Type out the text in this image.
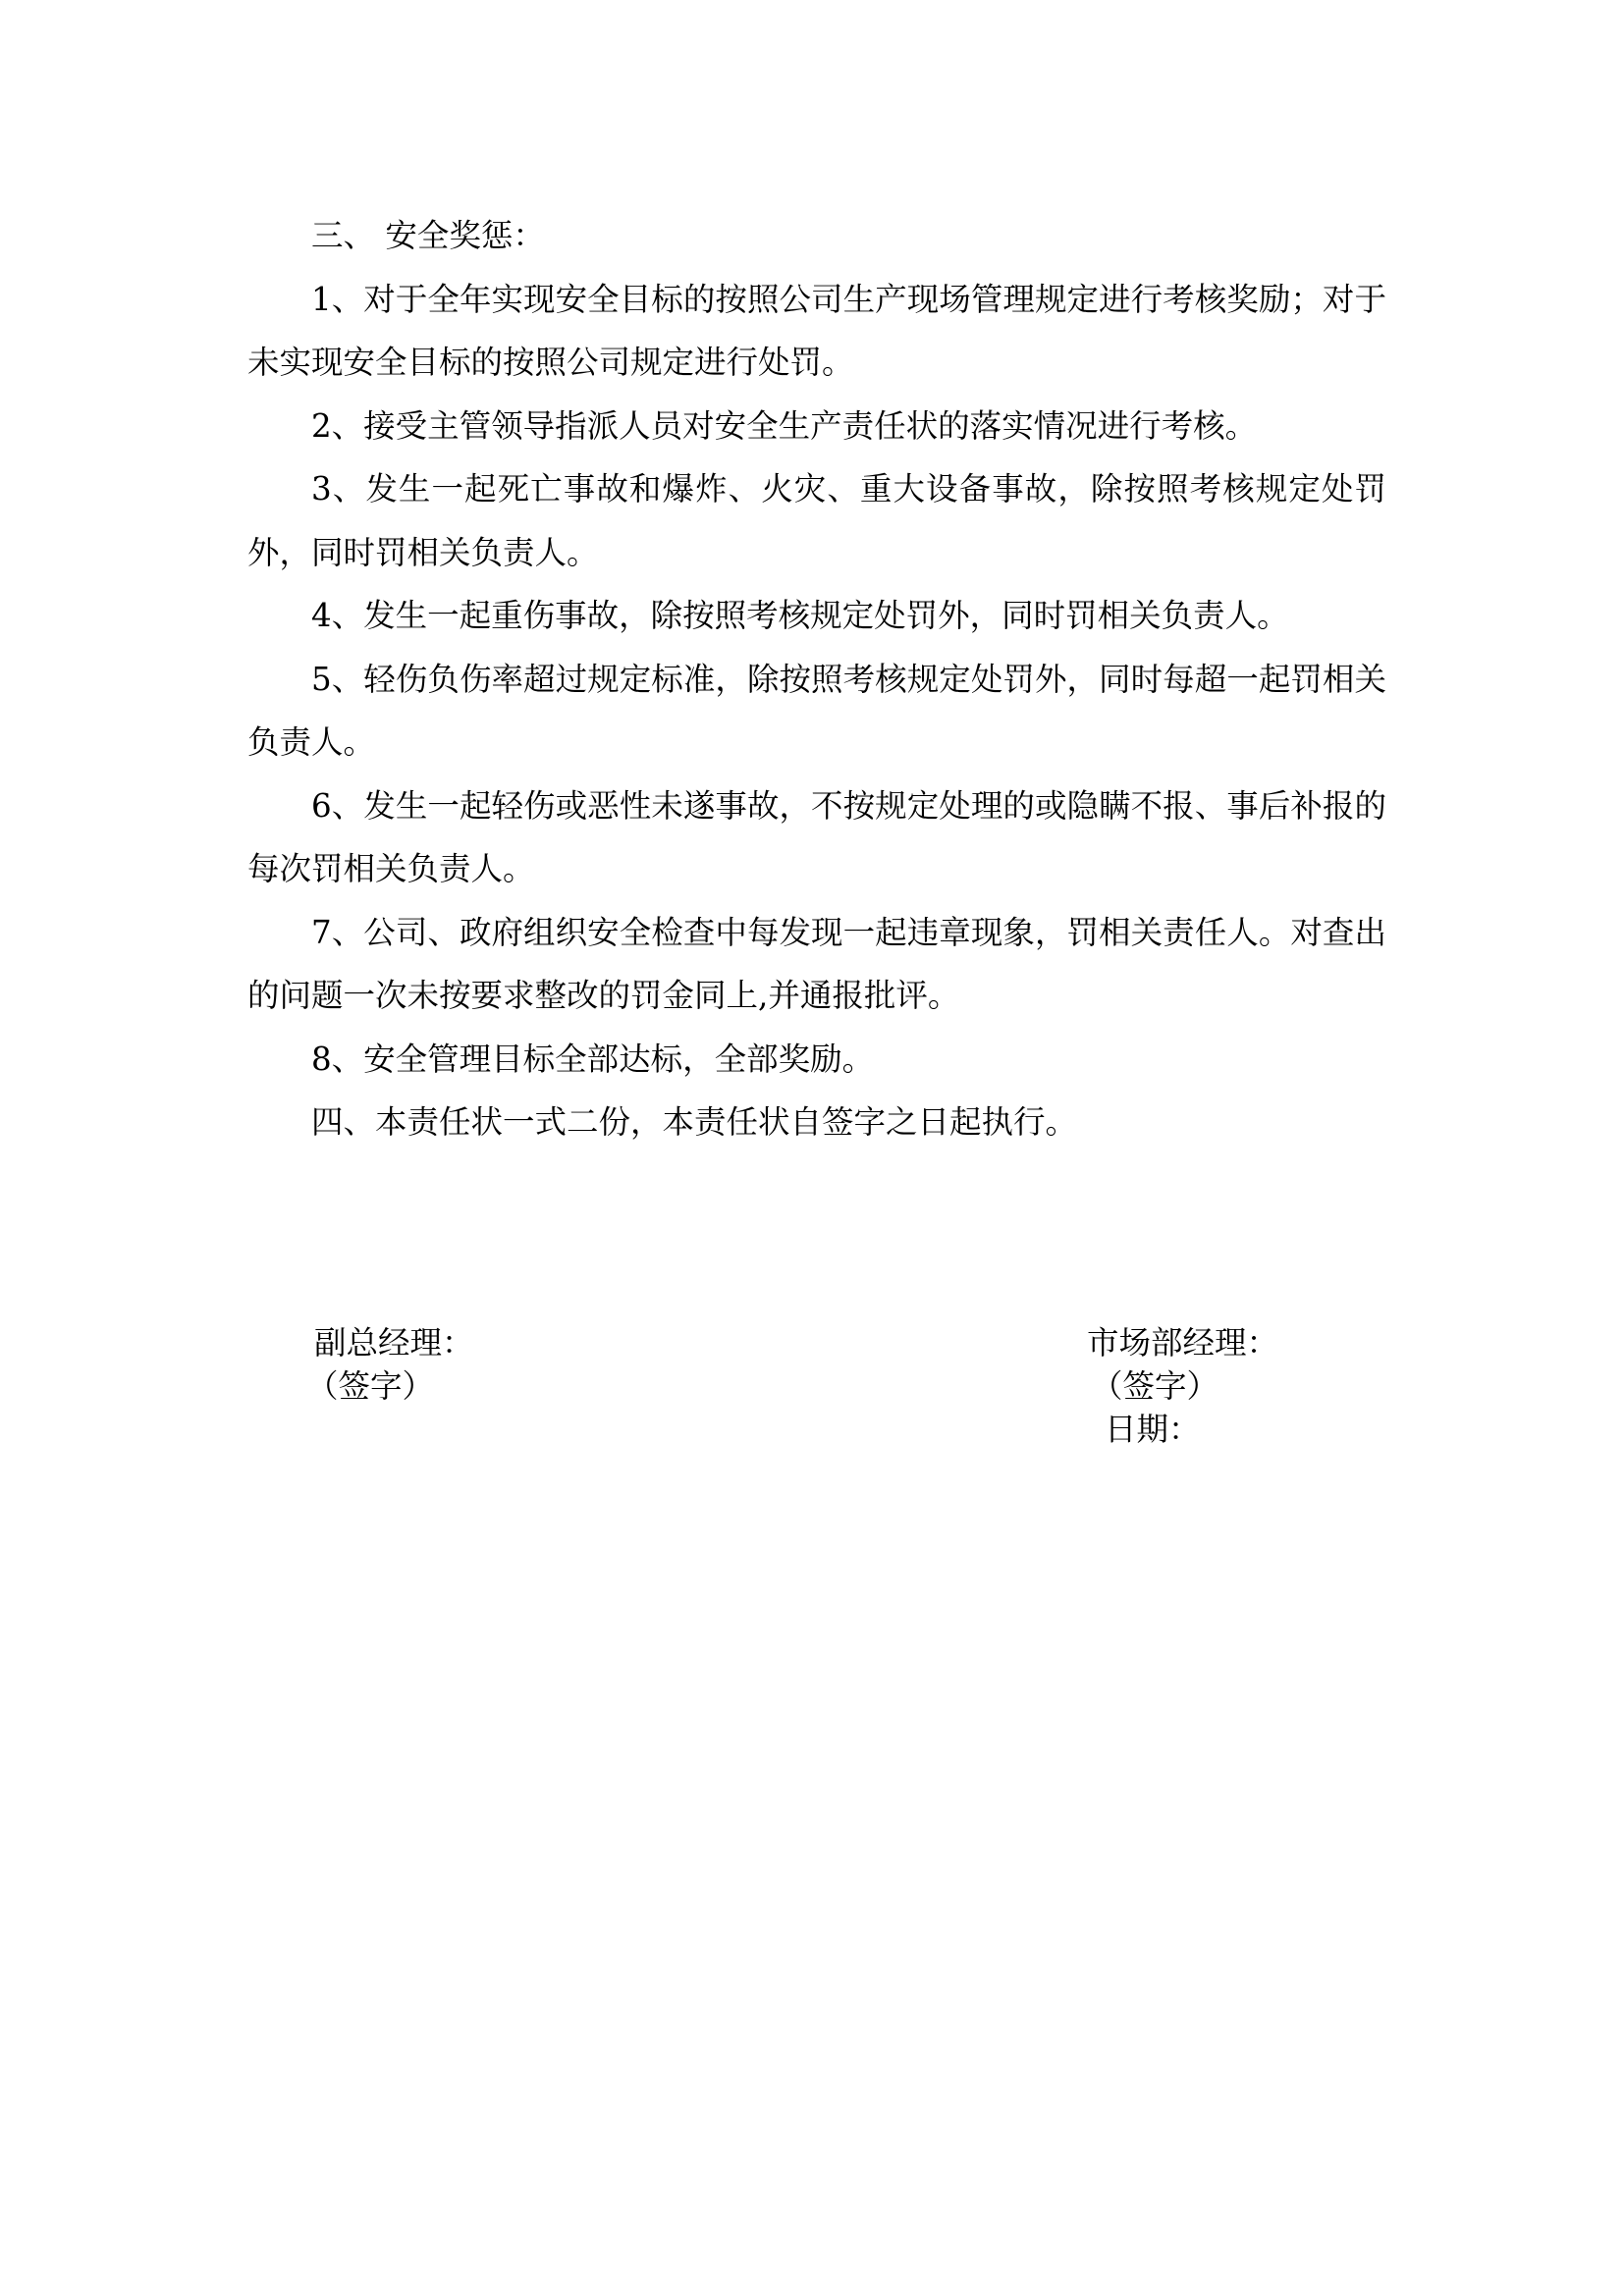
三、 安全奖惩：

1、对于全年实现安全目标的按照公司生产现场管理规定进行考核奖励；对于未实现安全目标的按照公司规定进行处罚。

2、接受主管领导指派人员对安全生产责任状的落实情况进行考核。

3、发生一起死亡事故和爆炸、火灾、重大设备事故，除按照考核规定处罚外，同时罚相关负责人。

4、发生一起重伤事故，除按照考核规定处罚外，同时罚相关负责人。

5、轻伤负伤率超过规定标准，除按照考核规定处罚外，同时每超一起罚相关负责人。

6、发生一起轻伤或恶性未遂事故，不按规定处理的或隐瞒不报、事后补报的每次罚相关负责人。

7、公司、政府组织安全检查中每发现一起违章现象，罚相关责任人。对查出的问题一次未按要求整改的罚金同上,并通报批评。

8、安全管理目标全部达标，全部奖励。

四、本责任状一式二份，本责任状自签字之日起执行。

副总经理：
（签字）
市场部经理：
（签字）
日期：
